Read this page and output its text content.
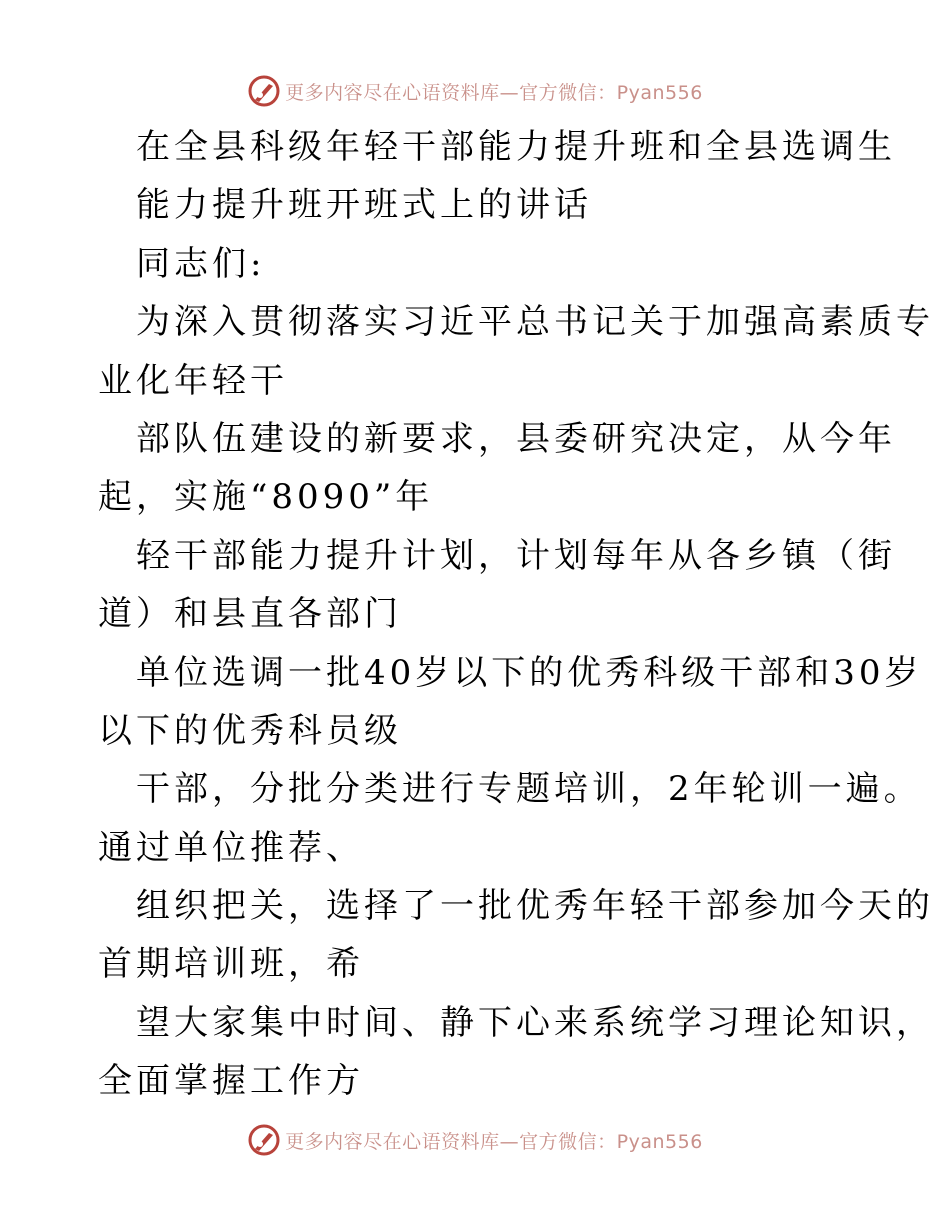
更多内容尽在心语资料库—官方微信：Pyan556

在全县科级年轻干部能力提升班和全县选调生

能力提升班开班式上的讲话

同志们:

为深入贯彻落实习近平总书记关于加强高素质专

业化年轻干

部队伍建设的新要求，县委研究决定，从今年

起，实施“8090”年

轻干部能力提升计划，计划每年从各乡镇（街

道）和县直各部门

单位选调一批40岁以下的优秀科级干部和30岁

以下的优秀科员级

干部，分批分类进行专题培训，2年轮训一遍。

通过单位推荐、

组织把关，选择了一批优秀年轻干部参加今天的

首期培训班，希

望大家集中时间、静下心来系统学习理论知识，

全面掌握工作方

更多内容尽在心语资料库—官方微信：Pyan556
